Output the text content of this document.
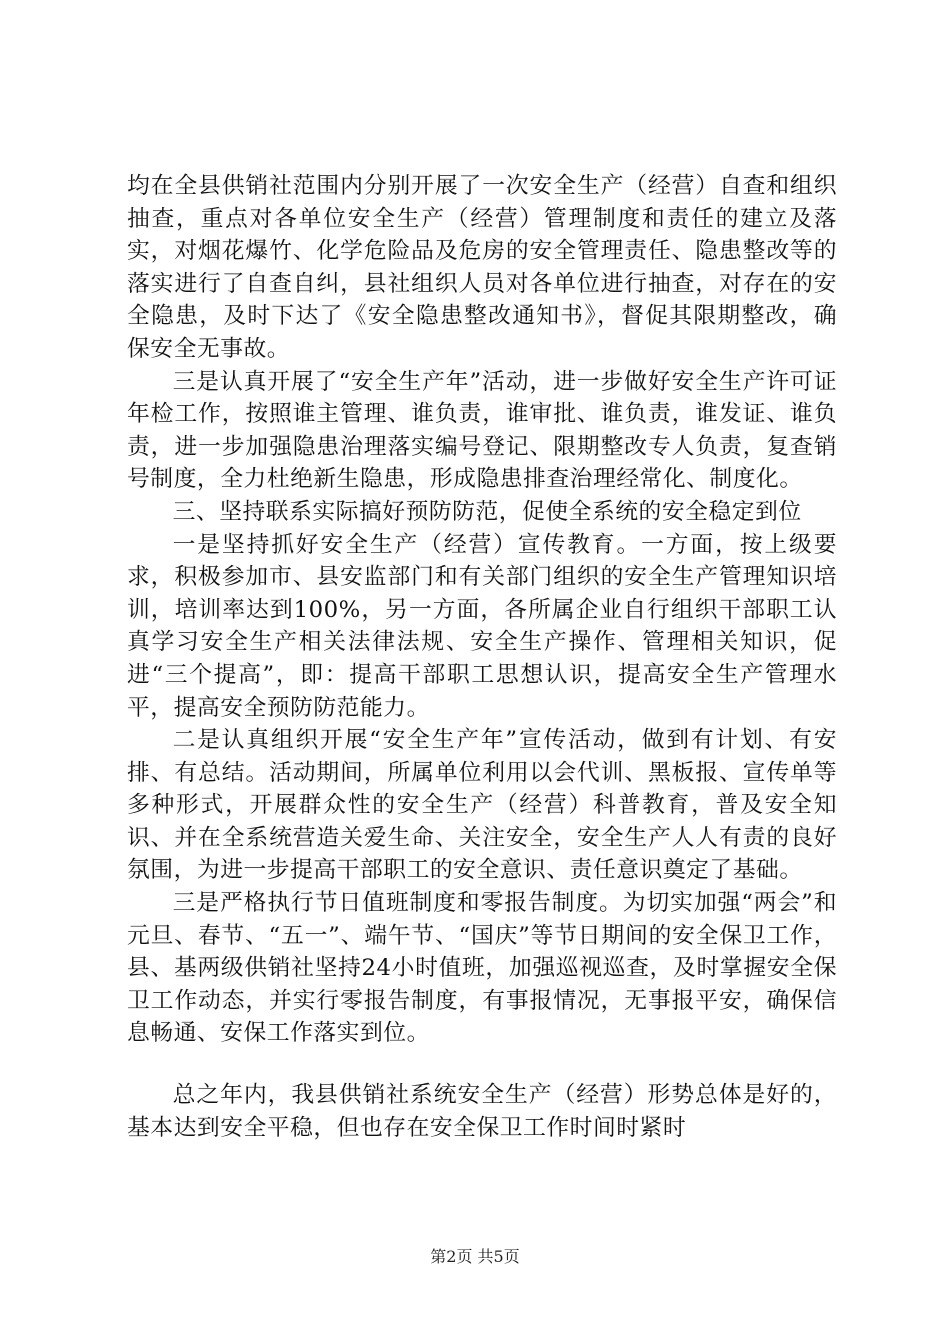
均在全县供销社范围内分别开展了一次安全生产（经营）自查和组织抽查，重点对各单位安全生产（经营）管理制度和责任的建立及落实，对烟花爆竹、化学危险品及危房的安全管理责任、隐患整改等的落实进行了自查自纠，县社组织人员对各单位进行抽查，对存在的安全隐患，及时下达了《安全隐患整改通知书》，督促其限期整改，确保安全无事故。

三是认真开展了“安全生产年”活动，进一步做好安全生产许可证年检工作，按照谁主管理、谁负责，谁审批、谁负责，谁发证、谁负责，进一步加强隐患治理落实编号登记、限期整改专人负责，复查销号制度，全力杜绝新生隐患，形成隐患排查治理经常化、制度化。

三、坚持联系实际搞好预防防范，促使全系统的安全稳定到位

一是坚持抓好安全生产（经营）宣传教育。一方面，按上级要求，积极参加市、县安监部门和有关部门组织的安全生产管理知识培训，培训率达到100%，另一方面，各所属企业自行组织干部职工认真学习安全生产相关法律法规、安全生产操作、管理相关知识，促进“三个提高”，即：提高干部职工思想认识，提高安全生产管理水平，提高安全预防防范能力。

二是认真组织开展“安全生产年”宣传活动，做到有计划、有安排、有总结。活动期间，所属单位利用以会代训、黑板报、宣传单等多种形式，开展群众性的安全生产（经营）科普教育，普及安全知识、并在全系统营造关爱生命、关注安全，安全生产人人有责的良好氛围，为进一步提高干部职工的安全意识、责任意识奠定了基础。

三是严格执行节日值班制度和零报告制度。为切实加强“两会”和元旦、春节、“五一”、端午节、“国庆”等节日期间的安全保卫工作，县、基两级供销社坚持24小时值班，加强巡视巡查，及时掌握安全保卫工作动态，并实行零报告制度，有事报情况，无事报平安，确保信息畅通、安保工作落实到位。

总之年内，我县供销社系统安全生产（经营）形势总体是好的，基本达到安全平稳，但也存在安全保卫工作时间时紧时

第2页 共5页
